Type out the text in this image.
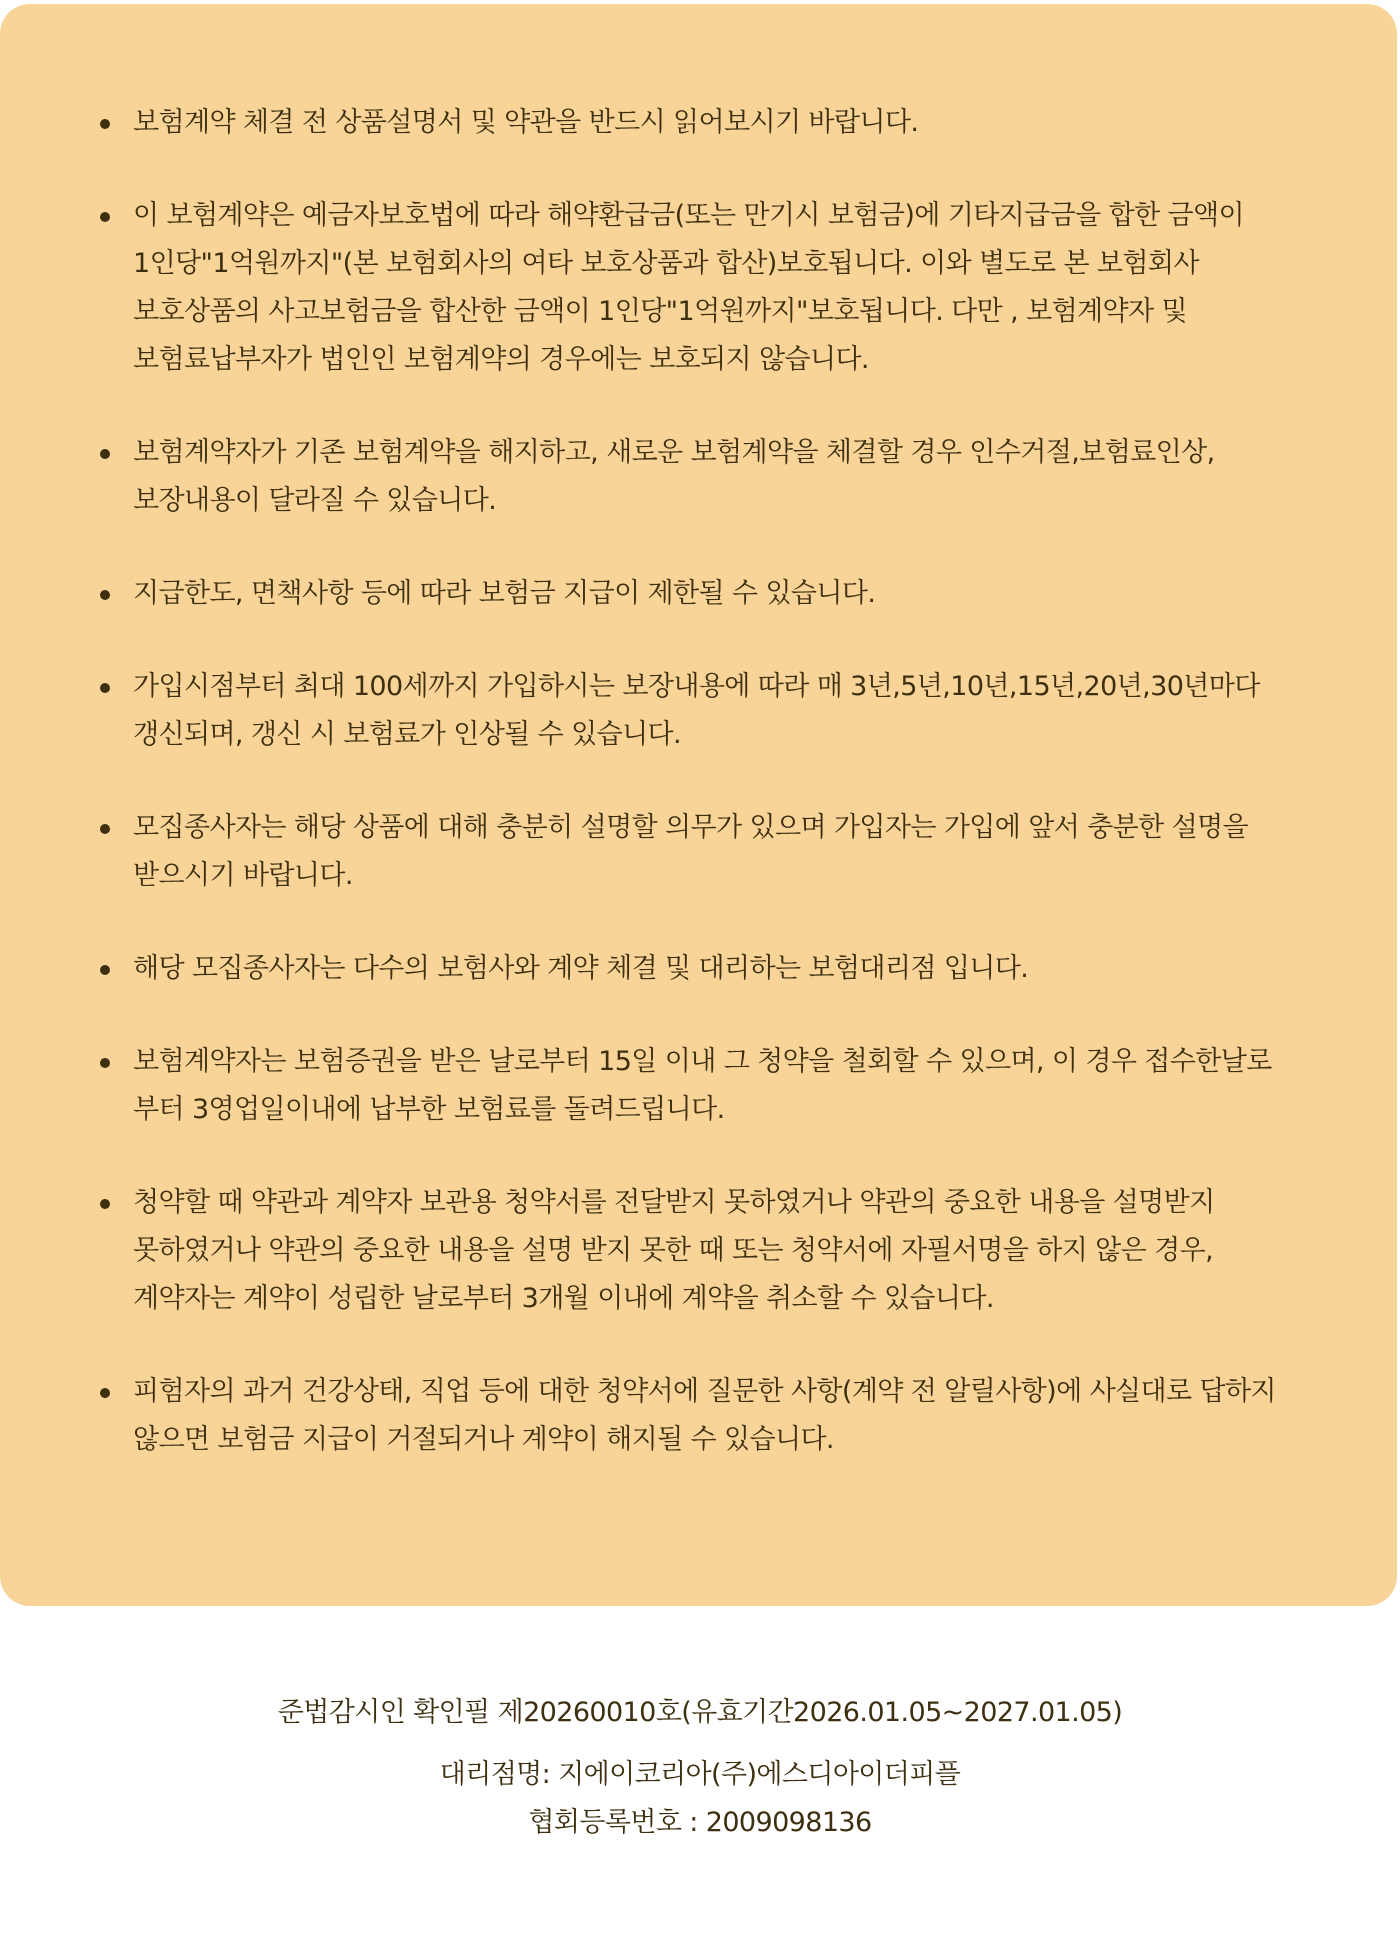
보험계약 체결 전 상품설명서 및 약관을 반드시 읽어보시기 바랍니다.
이 보험계약은 예금자보호법에 따라 해약환급금(또는 만기시 보험금)에 기타지급금을 합한 금액이
1인당"1억원까지"(본 보험회사의 여타 보호상품과 합산)보호됩니다. 이와 별도로 본 보험회사
보호상품의 사고보험금을 합산한 금액이 1인당"1억원까지"보호됩니다. 다만 , 보험계약자 및
보험료납부자가 법인인 보험계약의 경우에는 보호되지 않습니다.
보험계약자가 기존 보험계약을 해지하고, 새로운 보험계약을 체결할 경우 인수거절,보험료인상,
보장내용이 달라질 수 있습니다.
지급한도, 면책사항 등에 따라 보험금 지급이 제한될 수 있습니다.
가입시점부터 최대 100세까지 가입하시는 보장내용에 따라 매 3년,5년,10년,15년,20년,30년마다
갱신되며, 갱신 시 보험료가 인상될 수 있습니다.
모집종사자는 해당 상품에 대해 충분히 설명할 의무가 있으며 가입자는 가입에 앞서 충분한 설명을
받으시기 바랍니다.
해당 모집종사자는 다수의 보험사와 계약 체결 및 대리하는 보험대리점 입니다.
보험계약자는 보험증권을 받은 날로부터 15일 이내 그 청약을 철회할 수 있으며, 이 경우 접수한날로
부터 3영업일이내에 납부한 보험료를 돌려드립니다.
청약할 때 약관과 계약자 보관용 청약서를 전달받지 못하였거나 약관의 중요한 내용을 설명받지
못하였거나 약관의 중요한 내용을 설명 받지 못한 때 또는 청약서에 자필서명을 하지 않은 경우,
계약자는 계약이 성립한 날로부터 3개월 이내에 계약을 취소할 수 있습니다.
피험자의 과거 건강상태, 직업 등에 대한 청약서에 질문한 사항(계약 전 알릴사항)에 사실대로 답하지
않으면 보험금 지급이 거절되거나 계약이 해지될 수 있습니다.
준법감시인 확인필 제20260010호(유효기간2026.01.05~2027.01.05)
대리점명: 지에이코리아(주)에스디아이더피플
협회등록번호 : 2009098136
